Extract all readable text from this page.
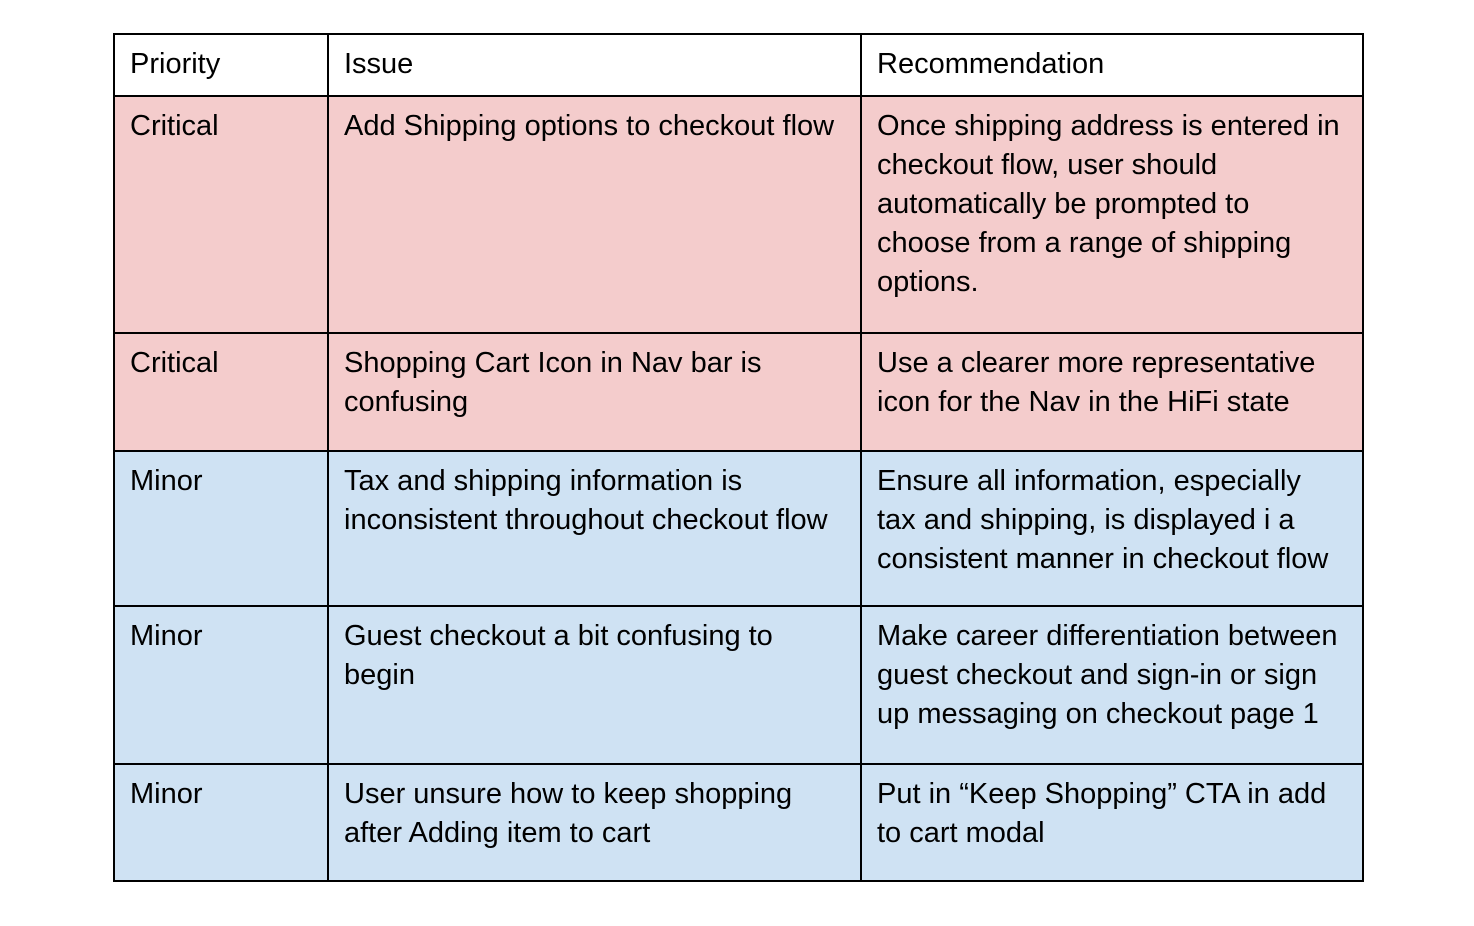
Priority	Issue	Recommendation
Critical	Add Shipping options to checkout flow	Once shipping address is entered in checkout flow, user should automatically be prompted to choose from a range of shipping options.
Critical	Shopping Cart Icon in Nav bar is confusing	Use a clearer more representative icon for the Nav in the HiFi state
Minor	Tax and shipping information is inconsistent throughout checkout flow	Ensure all information, especially tax and shipping, is displayed i a consistent manner in checkout flow
Minor	Guest checkout a bit confusing to begin	Make career differentiation between guest checkout and sign-in or sign up messaging on checkout page 1
Minor	User unsure how to keep shopping after Adding item to cart	Put in “Keep Shopping” CTA in add to cart modal
